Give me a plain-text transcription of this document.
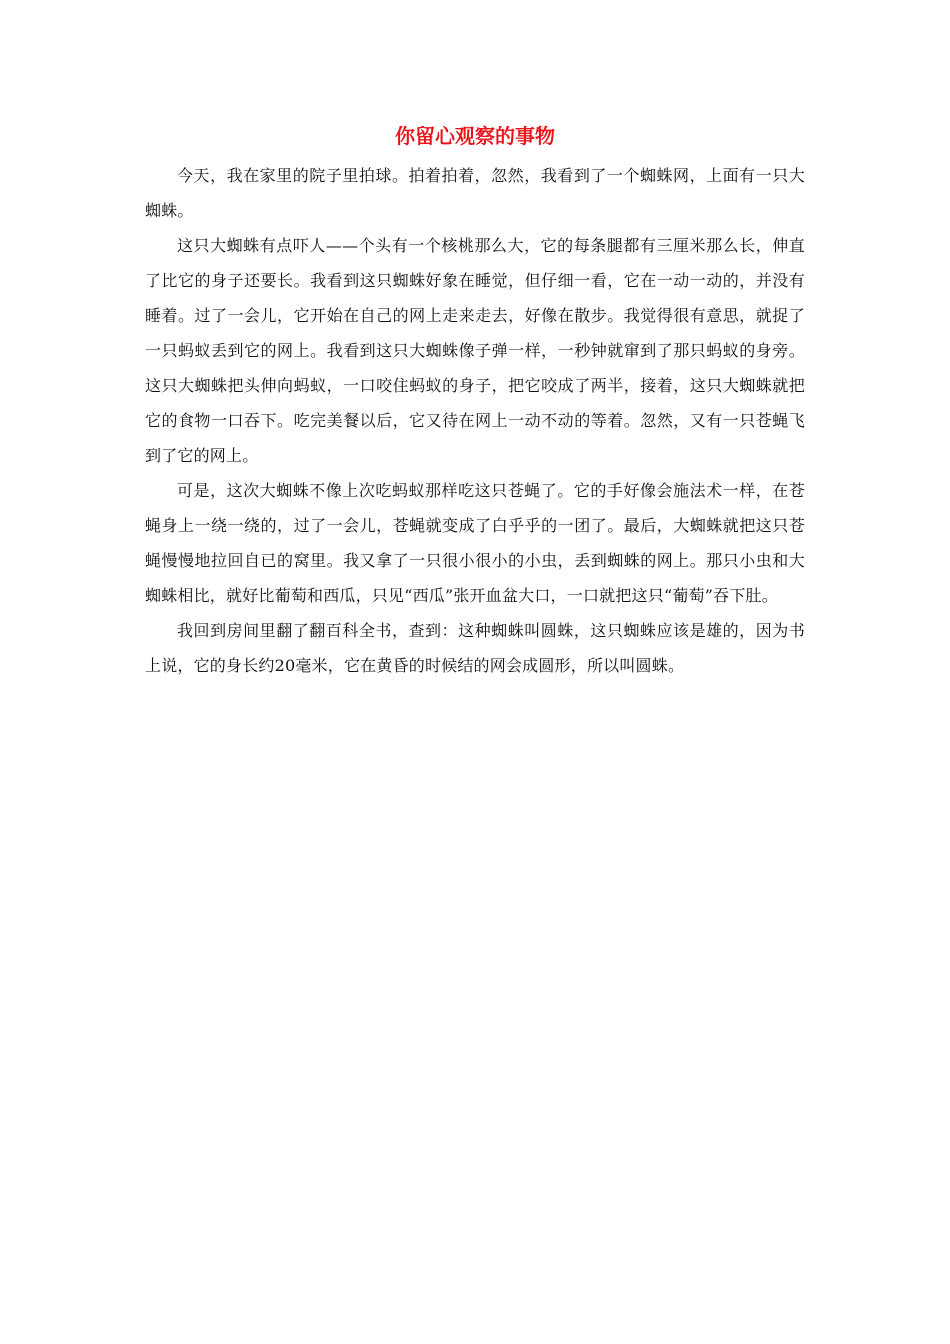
你留心观察的事物

今天，我在家里的院子里拍球。拍着拍着，忽然，我看到了一个蜘蛛网，上面有一只大蜘蛛。

这只大蜘蛛有点吓人——个头有一个核桃那么大，它的每条腿都有三厘米那么长，伸直了比它的身子还要长。我看到这只蜘蛛好象在睡觉，但仔细一看，它在一动一动的，并没有睡着。过了一会儿，它开始在自己的网上走来走去，好像在散步。我觉得很有意思，就捉了一只蚂蚁丢到它的网上。我看到这只大蜘蛛像子弹一样，一秒钟就窜到了那只蚂蚁的身旁。这只大蜘蛛把头伸向蚂蚁，一口咬住蚂蚁的身子，把它咬成了两半，接着，这只大蜘蛛就把它的食物一口吞下。吃完美餐以后，它又待在网上一动不动的等着。忽然，又有一只苍蝇飞到了它的网上。

可是，这次大蜘蛛不像上次吃蚂蚁那样吃这只苍蝇了。它的手好像会施法术一样，在苍蝇身上一绕一绕的，过了一会儿，苍蝇就变成了白乎乎的一团了。最后，大蜘蛛就把这只苍蝇慢慢地拉回自已的窝里。我又拿了一只很小很小的小虫，丢到蜘蛛的网上。那只小虫和大蜘蛛相比，就好比葡萄和西瓜，只见“西瓜”张开血盆大口，一口就把这只“葡萄”吞下肚。

我回到房间里翻了翻百科全书，查到：这种蜘蛛叫圆蛛，这只蜘蛛应该是雄的，因为书上说，它的身长约20毫米，它在黄昏的时候结的网会成圆形，所以叫圆蛛。
